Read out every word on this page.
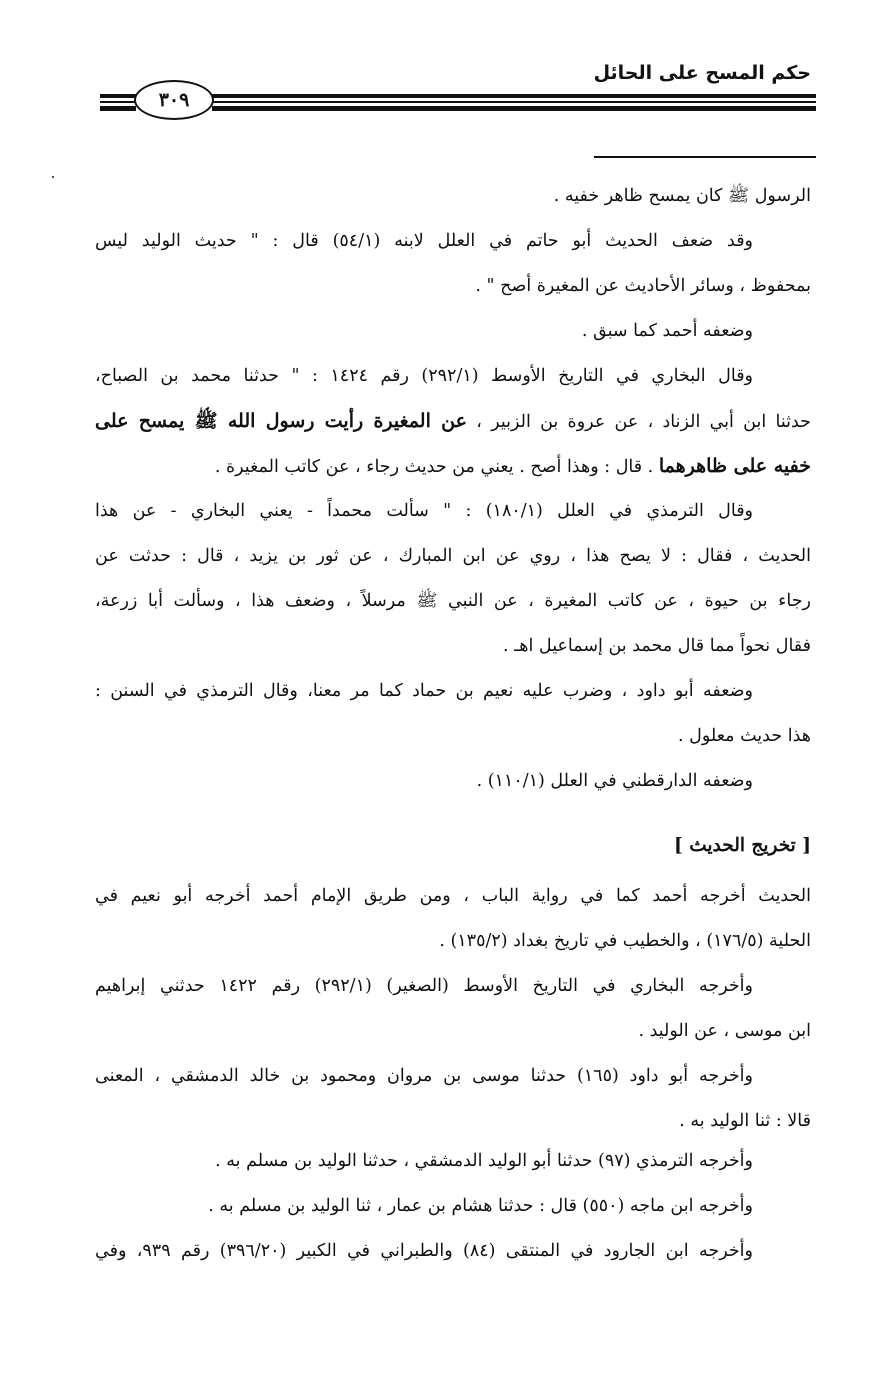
حكم المسح على الحائل
٣٠٩
الرسول ﷺ كان يمسح ظاهر خفيه .
وقد ضعف الحديث أبو حاتم في العلل لابنه (٥٤/١) قال : " حديث الوليد ليس
بمحفوظ ، وسائر الأحاديث عن المغيرة أصح " .
وضعفه أحمد كما سبق .
وقال البخاري في التاريخ الأوسط (٢٩٢/١) رقم ١٤٢٤ : " حدثنا محمد بن الصباح،
حدثنا ابن أبي الزناد ، عن عروة بن الزبير ، عن المغيرة رأيت رسول الله ﷺ يمسح على
خفيه على ظاهرهما . قال : وهذا أصح . يعني من حديث رجاء ، عن كاتب المغيرة .
وقال الترمذي في العلل (١٨٠/١) : " سألت محمداً - يعني البخاري - عن هذا
الحديث ، فقال : لا يصح هذا ، روي عن ابن المبارك ، عن ثور بن يزيد ، قال : حدثت عن
رجاء بن حيوة ، عن كاتب المغيرة ، عن النبي ﷺ مرسلاً ، وضعف هذا ، وسألت أبا زرعة،
فقال نحواً مما قال محمد بن إسماعيل اهـ .
وضعفه أبو داود ، وضرب عليه نعيم بن حماد كما مر معنا، وقال الترمذي في السنن :
هذا حديث معلول .
وضعفه الدارقطني في العلل (١١٠/١) .
[ تخريج الحديث ]
الحديث أخرجه أحمد كما في رواية الباب ، ومن طريق الإمام أحمد أخرجه أبو نعيم في
الحلية (١٧٦/٥) ، والخطيب في تاريخ بغداد (١٣٥/٢) .
وأخرجه البخاري في التاريخ الأوسط (الصغير) (٢٩٢/١) رقم ١٤٢٢ حدثني إبراهيم
ابن موسى ، عن الوليد .
وأخرجه أبو داود (١٦٥) حدثنا موسى بن مروان ومحمود بن خالد الدمشقي ، المعنى
قالا : ثنا الوليد به .
وأخرجه الترمذي (٩٧) حدثنا أبو الوليد الدمشقي ، حدثنا الوليد بن مسلم به .
وأخرجه ابن ماجه (٥٥٠) قال : حدثنا هشام بن عمار ، ثنا الوليد بن مسلم به .
وأخرجه ابن الجارود في المنتقى (٨٤) والطبراني في الكبير (٣٩٦/٢٠) رقم ٩٣٩، وفي
